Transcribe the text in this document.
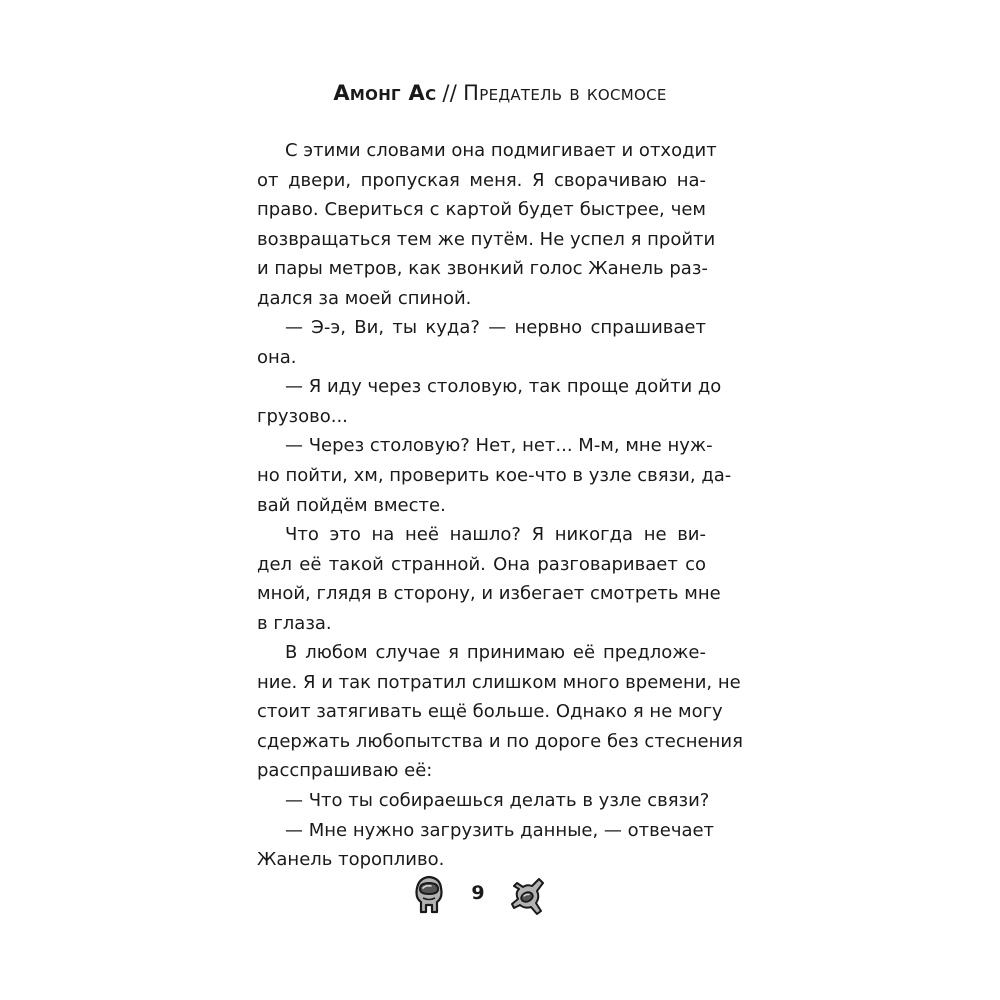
Амонг Ас // Предатель в космосе
С этими словами она подмигивает и отходит
от двери, пропуская меня. Я сворачиваю на-
право. Свериться с картой будет быстрее, чем
возвращаться тем же путём. Не успел я пройти
и пары метров, как звонкий голос Жанель раз-
дался за моей спиной.
— Э-э, Ви, ты куда? — нервно спрашивает
она.
— Я иду через столовую, так проще дойти до
грузово...
— Через столовую? Нет, нет... М-м, мне нуж-
но пойти, хм, проверить кое-что в узле связи, да-
вай пойдём вместе.
Что это на неё нашло? Я никогда не ви-
дел её такой странной. Она разговаривает со
мной, глядя в сторону, и избегает смотреть мне
в глаза.
В любом случае я принимаю её предложе-
ние. Я и так потратил слишком много времени, не
стоит затягивать ещё больше. Однако я не могу
сдержать любопытства и по дороге без стеснения
расспрашиваю её:
— Что ты собираешься делать в узле связи?
— Мне нужно загрузить данные, — отвечает
Жанель торопливо.
9
